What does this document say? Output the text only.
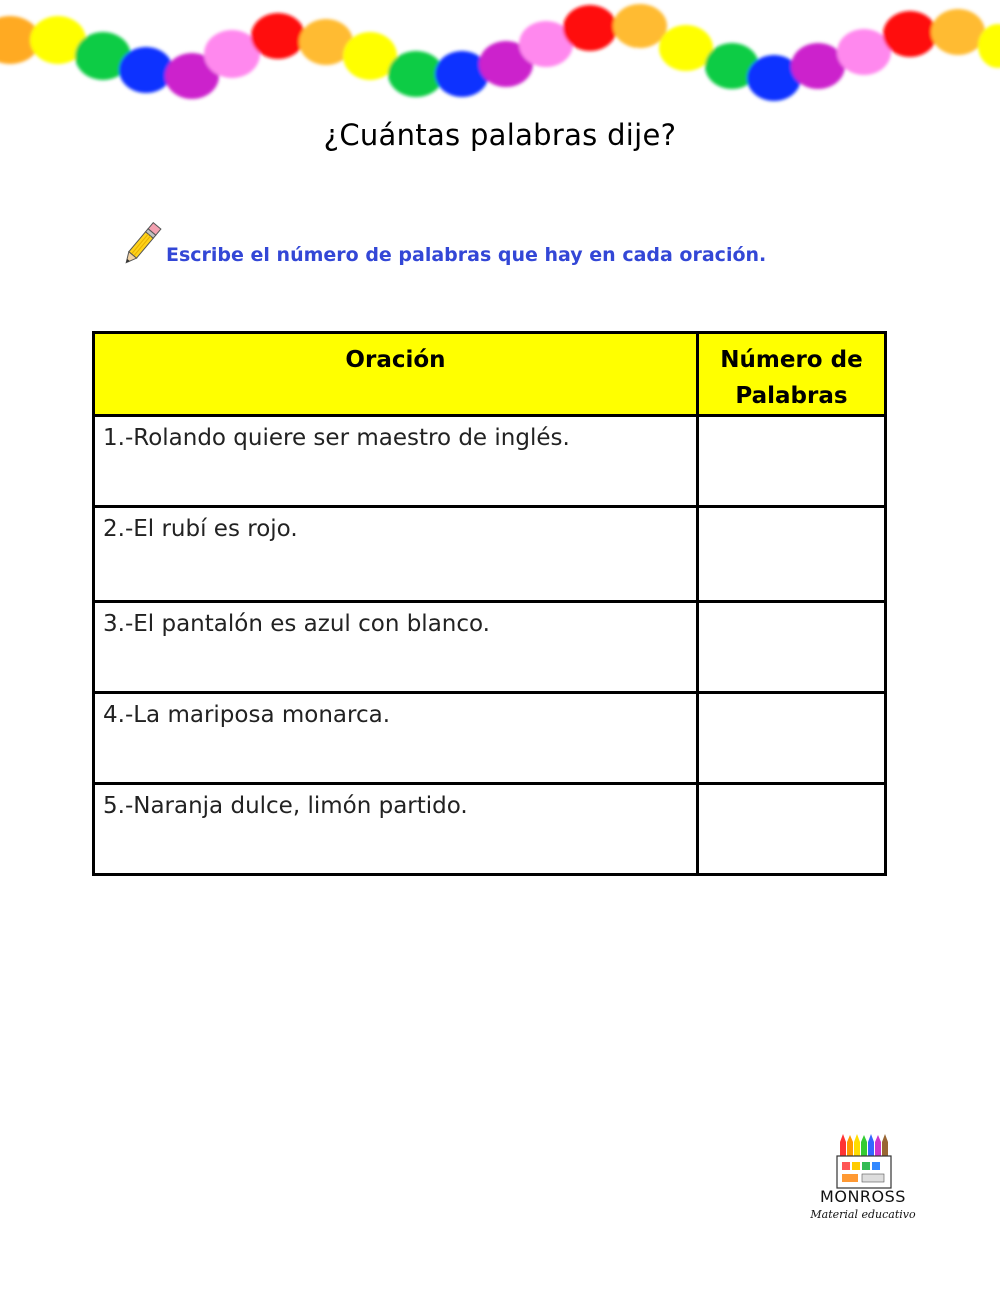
¿Cuántas palabras dije?
Escribe el número de palabras que hay en cada oración.
Oración	Número de Palabras
1.-Rolando quiere ser maestro de inglés.	
2.-El rubí es rojo.	
3.-El pantalón es azul con blanco.	
4.-La mariposa monarca.	
5.-Naranja dulce, limón partido.	
MONROSS
Material educativo
